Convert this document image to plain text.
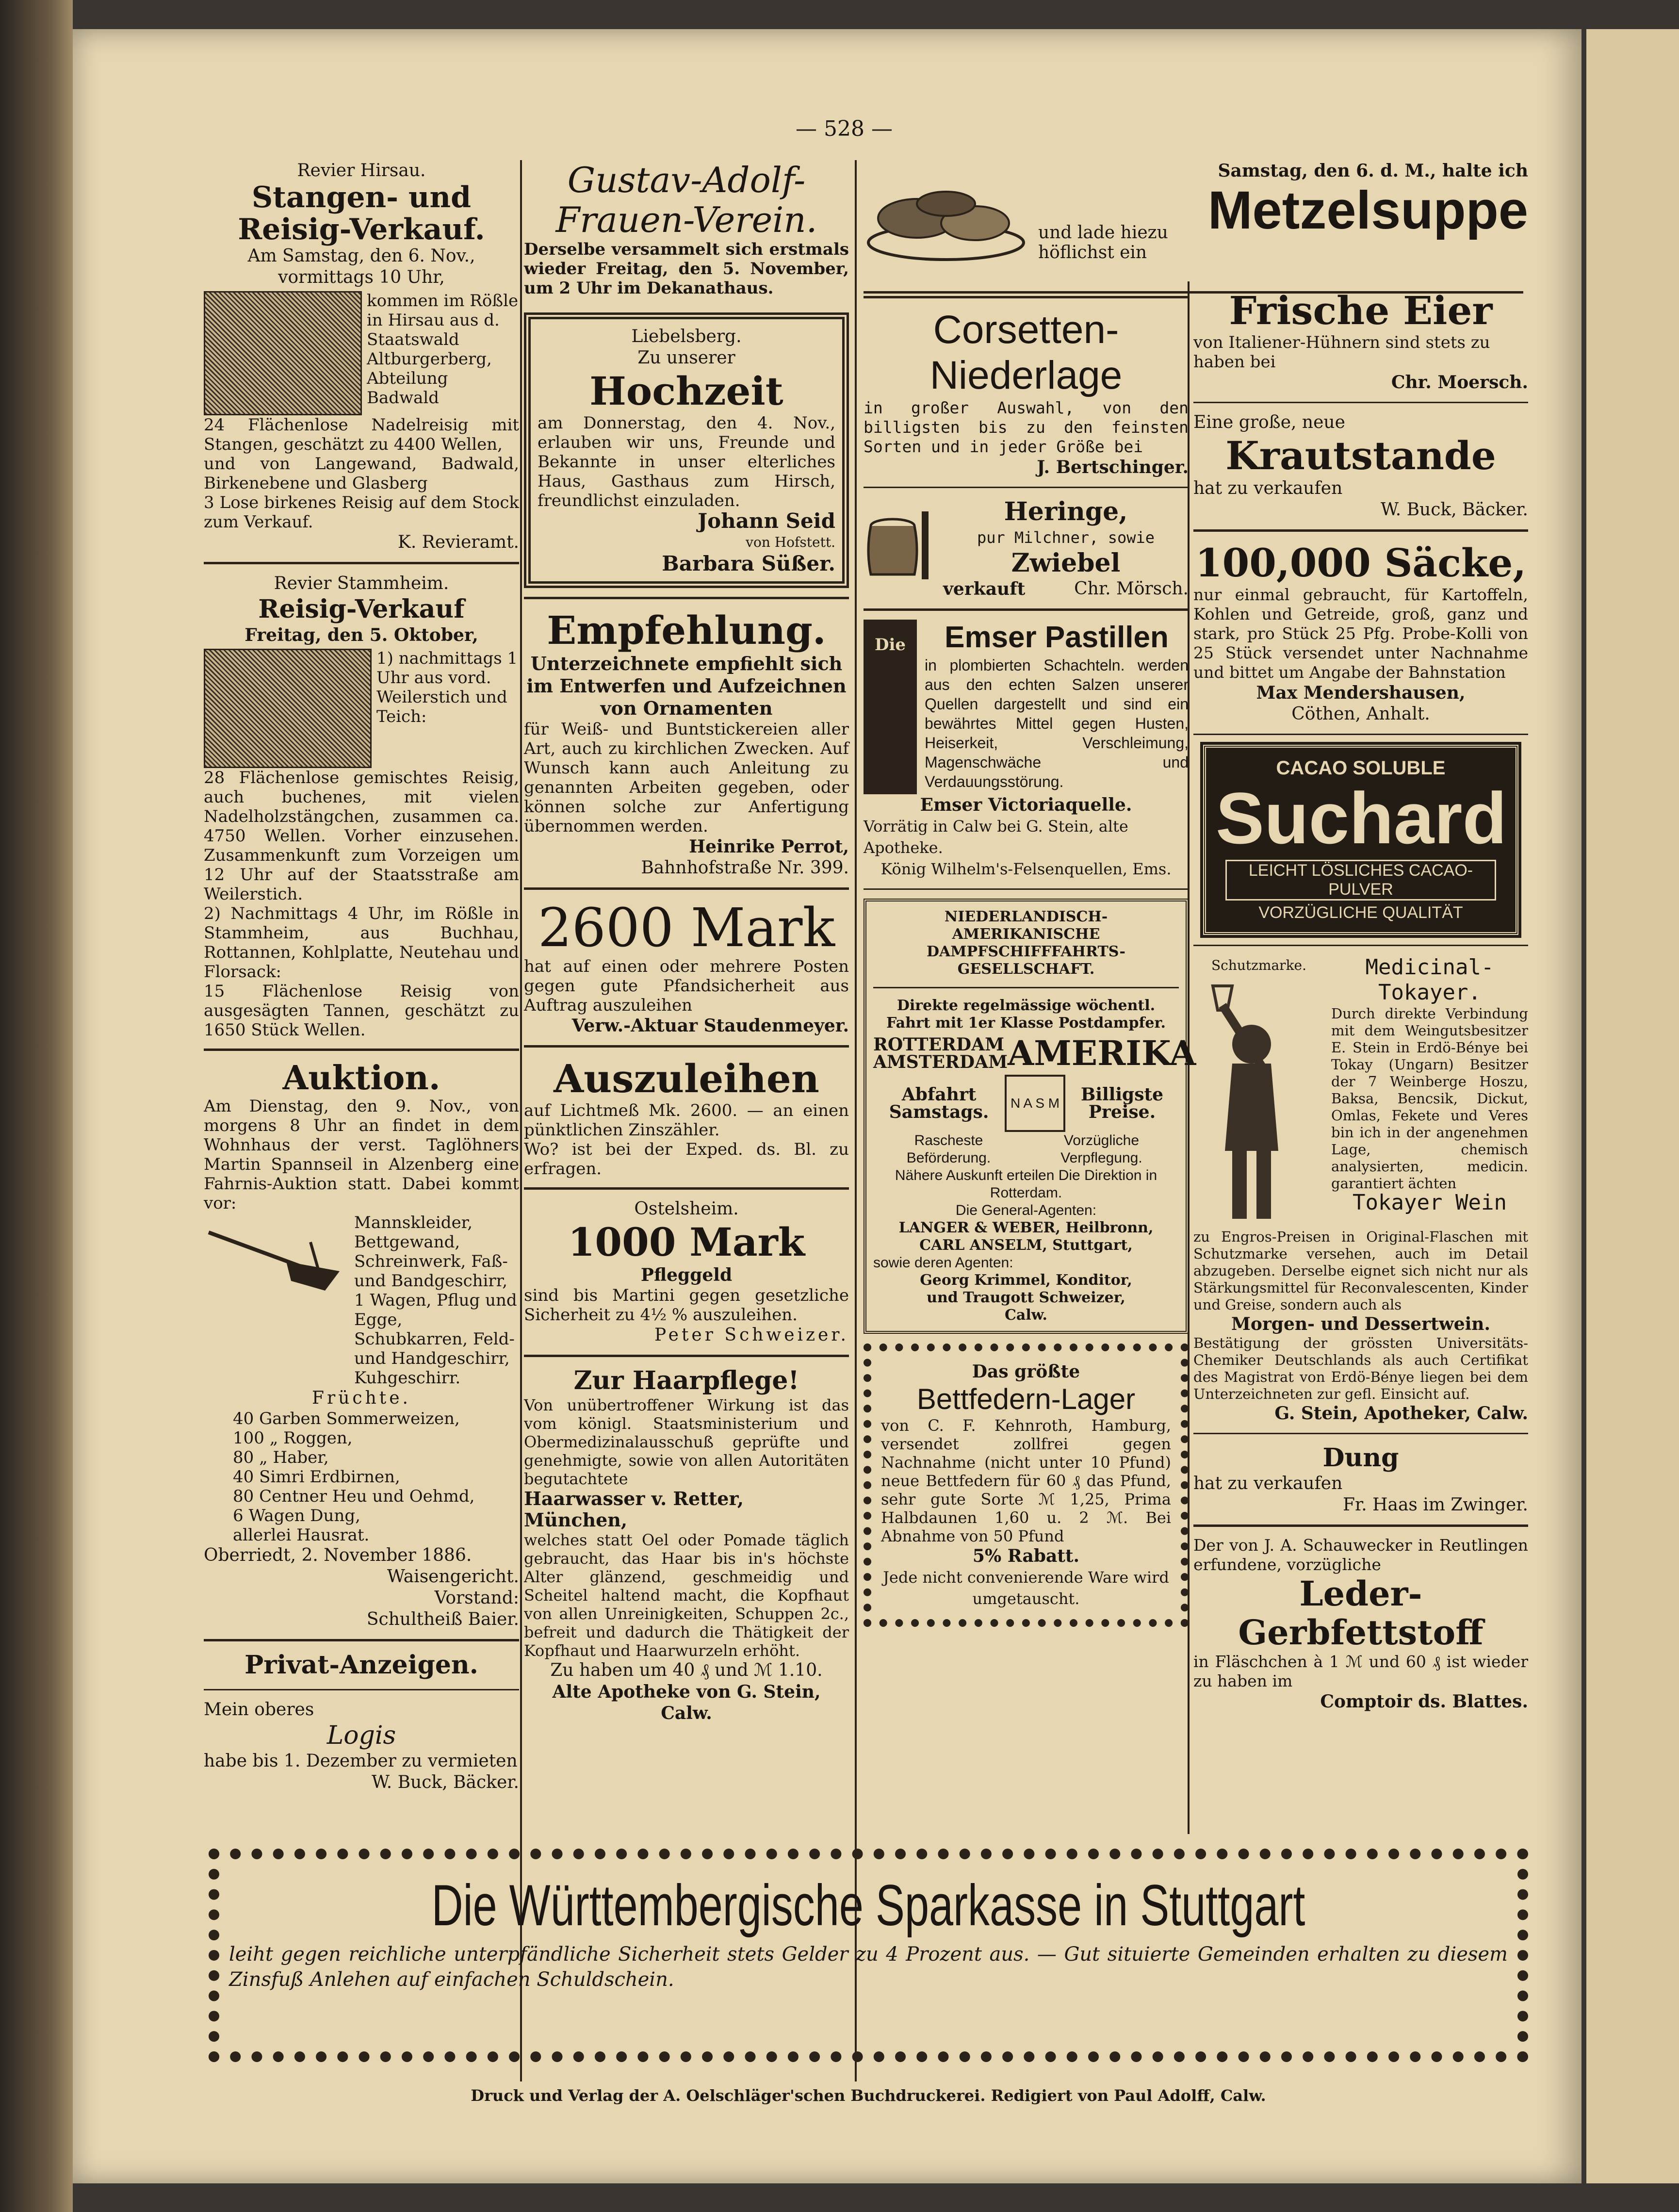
— 528 —
Revier Hirsau.
Stangen- und Reisig-Verkauf.
Am Samstag, den 6. Nov.,
vormittags 10 Uhr,
kommen im Rößle in Hirsau aus d. Staatswald Altburgerberg, Abteilung Badwald
24 Flächenlose Nadelreisig mit Stangen, geschätzt zu 4400 Wellen,
und von Langewand, Badwald, Birkenebene und Glasberg
3 Lose birkenes Reisig auf dem Stock zum Verkauf.
K. Revieramt.
Revier Stammheim.
Reisig-Verkauf
Freitag, den 5. Oktober,
1) nachmittags 1 Uhr aus vord. Weilerstich und Teich:
28 Flächenlose gemischtes Reisig, auch buchenes, mit vielen Nadelholzstängchen, zusammen ca. 4750 Wellen. Vorher einzusehen. Zusammenkunft zum Vorzeigen um 12 Uhr auf der Staatsstraße am Weilerstich.
2) Nachmittags 4 Uhr, im Rößle in Stammheim, aus Buchhau, Rottannen, Kohlplatte, Neutehau und Florsack:
15 Flächenlose Reisig von ausgesägten Tannen, geschätzt zu 1650 Stück Wellen.
Auktion.
Am Dienstag, den 9. Nov., von morgens 8 Uhr an findet in dem Wohnhaus der verst. Taglöhners Martin Spannseil in Alzenberg eine Fahrnis-Auktion statt. Dabei kommt vor:
Mannskleider, Bettgewand, Schreinwerk, Faß- und Bandgeschirr, 1 Wagen, Pflug und Egge, Schubkarren, Feld- und Handgeschirr, Kuhgeschirr.
Früchte.
40 Garben Sommerweizen,
100 „ Roggen,
80 „ Haber,
40 Simri Erdbirnen,
80 Centner Heu und Oehmd,
6 Wagen Dung,
allerlei Hausrat.
Oberriedt, 2. November 1886.
Waisengericht.
Vorstand:
Schultheiß Baier.
Privat-Anzeigen.
Mein oberes
Logis
habe bis 1. Dezember zu vermieten
W. Buck, Bäcker.
Gustav-Adolf-Frauen-Verein.
Derselbe versammelt sich erstmals wieder Freitag, den 5. November, um 2 Uhr im Dekanathaus.
Liebelsberg.
Zu unserer
Hochzeit
am Donnerstag, den 4. Nov., erlauben wir uns, Freunde und Bekannte in unser elterliches Haus, Gasthaus zum Hirsch, freundlichst einzuladen.
Johann Seid
von Hofstett.
Barbara Süßer.
Empfehlung.
Unterzeichnete empfiehlt sich im Entwerfen und Aufzeichnen von Ornamenten
für Weiß- und Buntstickereien aller Art, auch zu kirchlichen Zwecken. Auf Wunsch kann auch Anleitung zu genannten Arbeiten gegeben, oder können solche zur Anfertigung übernommen werden.
Heinrike Perrot,
Bahnhofstraße Nr. 399.
2600 Mark
hat auf einen oder mehrere Posten gegen gute Pfandsicherheit aus Auftrag auszuleihen
Verw.-Aktuar Staudenmeyer.
Auszuleihen
auf Lichtmeß Mk. 2600. — an einen pünktlichen Zinszähler.
Wo? ist bei der Exped. ds. Bl. zu erfragen.
Ostelsheim.
1000 Mark
Pfleggeld
sind bis Martini gegen gesetzliche Sicherheit zu 4½ % auszuleihen.
Peter Schweizer.
Zur Haarpflege!
Von unübertroffener Wirkung ist das vom königl. Staatsministerium und Obermedizinalausschuß geprüfte und genehmigte, sowie von allen Autoritäten begutachtete
Haarwasser v. Retter, München,
welches statt Oel oder Pomade täglich gebraucht, das Haar bis in's höchste Alter glänzend, geschmeidig und Scheitel haltend macht, die Kopfhaut von allen Unreinigkeiten, Schuppen 2c., befreit und dadurch die Thätigkeit der Kopfhaut und Haarwurzeln erhöht.
Zu haben um 40 ₰ und ℳ 1.10.
Alte Apotheke von G. Stein, Calw.
und lade hiezu höflichst ein
Corsetten-Niederlage
in großer Auswahl, von den billigsten bis zu den feinsten Sorten und in jeder Größe bei
J. Bertschinger.
Heringe,
pur Milchner, sowie
Zwiebel
verkauft	Chr. Mörsch.
Die	Emser Pastillen
in plombierten Schachteln. werden aus den echten Salzen unserer Quellen dargestellt und sind ein bewährtes Mittel gegen Husten, Heiserkeit, Verschleimung, Magenschwäche und Verdauungsstörung.
Emser Victoriaquelle.
Vorrätig in Calw bei G. Stein, alte Apotheke.
König Wilhelm's-Felsenquellen, Ems.
NIEDERLANDISCH-AMERIKANISCHE DAMPFSCHIFFFAHRTS-GESELLSCHAFT.
Direkte regelmässige wöchentl. Fahrt mit 1er Klasse Postdampfer.
ROTTERDAM
AMSTERDAM AMERIKA
Abfahrt Samstags.	N A S M	Billigste Preise.
Rascheste Beförderung.
Vorzügliche Verpflegung.
Nähere Auskunft erteilen Die Direktion in Rotterdam.
Die General-Agenten:
LANGER & WEBER, Heilbronn,
CARL ANSELM, Stuttgart,
sowie deren Agenten:
Georg Krimmel, Konditor,
und Traugott Schweizer,
Calw.
Das größte
Bettfedern-Lager
von C. F. Kehnroth, Hamburg, versendet zollfrei gegen Nachnahme (nicht unter 10 Pfund) neue Bettfedern für 60 ₰ das Pfund, sehr gute Sorte ℳ 1,25, Prima Halbdaunen 1,60 u. 2 ℳ. Bei Abnahme von 50 Pfund
5% Rabatt.
Jede nicht convenierende Ware wird umgetauscht.
Samstag, den 6. d. M., halte ich
Metzelsuppe
Frische Eier
von Italiener-Hühnern sind stets zu haben bei
Chr. Moersch.
Eine große, neue
Krautstande
hat zu verkaufen
W. Buck, Bäcker.
100,000 Säcke,
nur einmal gebraucht, für Kartoffeln, Kohlen und Getreide, groß, ganz und stark, pro Stück 25 Pfg. Probe-Kolli von 25 Stück versendet unter Nachnahme und bittet um Angabe der Bahnstation
Max Mendershausen,
Cöthen, Anhalt.
CACAO SOLUBLE
Suchard
LEICHT LÖSLICHES CACAO-PULVER
VORZÜGLICHE QUALITÄT
Schutzmarke.	Medicinal-Tokayer.
Durch direkte Verbindung mit dem Weingutsbesitzer E. Stein in Erdö-Bénye bei Tokay (Ungarn) Besitzer der 7 Weinberge Hoszu, Baksa, Bencsik, Dickut, Omlas, Fekete und Veres bin ich in der angenehmen Lage, chemisch analysierten, medicin. garantiert ächten
Tokayer Wein
zu Engros-Preisen in Original-Flaschen mit Schutzmarke versehen, auch im Detail abzugeben. Derselbe eignet sich nicht nur als Stärkungsmittel für Reconvalescenten, Kinder und Greise, sondern auch als
Morgen- und Dessertwein.
Bestätigung der grössten Universitäts-Chemiker Deutschlands als auch Certifikat des Magistrat von Erdö-Bénye liegen bei dem Unterzeichneten zur gefl. Einsicht auf.
G. Stein, Apotheker, Calw.
Dung
hat zu verkaufen
Fr. Haas im Zwinger.
Der von J. A. Schauwecker in Reutlingen erfundene, vorzügliche
Leder-Gerbfettstoff
in Fläschchen à 1 ℳ und 60 ₰ ist wieder zu haben im
Comptoir ds. Blattes.
Die Württembergische Sparkasse in Stuttgart
leiht gegen reichliche unterpfändliche Sicherheit stets Gelder zu 4 Prozent aus. — Gut situierte Gemeinden erhalten zu diesem Zinsfuß Anlehen auf einfachen Schuldschein.
Druck und Verlag der A. Oelschläger'schen Buchdruckerei. Redigiert von Paul Adolff, Calw.
